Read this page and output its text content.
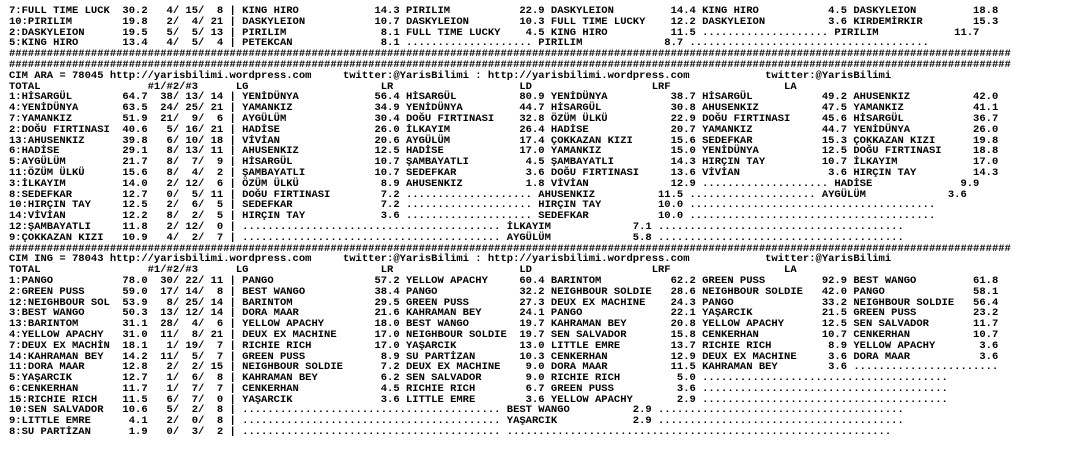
7:FULL TIME LUCK  30.2   4/ 15/  8 | KING HIRO            14.3 PIRILIM           22.9 DASKYLEION         14.4 KING HIRO           4.5 DASKYLEION         18.8
10:PIRILIM        19.8   2/  4/ 21 | DASKYLEION           10.7 DASKYLEION        10.3 FULL TIME LUCKY    12.2 DASKYLEION          3.6 KIRDEMİRKIR        15.3
2:DASKYLEION      19.5   5/  5/ 13 | PIRILIM               8.1 FULL TIME LUCKY    4.5 KING HIRO          11.5 .................... PIRILIM            11.7
5:KING HIRO       13.4   4/  5/  4 | PETEKCAN              8.1 .................... PIRILIM             8.7 ......................................
###############################################################################################################################################################
###############################################################################################################################################################
CIM ARA = 78045 http://yarisbilimi.wordpress.com     twitter:@YarisBilimi : http://yarisbilimi.wordpress.com            twitter:@YarisBilimi
TOTAL                 #1/#2/#3      LG                     LR                    LD                   LRF                  LA
1:HİSARGÜL        64.7  38/ 13/ 14 | YENİDÜNYA            56.4 HİSARGÜL          80.9 YENİDÜNYA          38.7 HİSARGÜL           49.2 AHUSENKIZ          42.0
4:YENİDÜNYA       63.5  24/ 25/ 21 | YAMANKIZ             34.9 YENİDÜNYA         44.7 HİSARGÜL           30.8 AHUSENKIZ          47.5 YAMANKIZ           41.1
7:YAMANKIZ        51.9  21/  9/  6 | AYGÜLÜM              30.4 DOĞU FIRTINASI    32.8 ÖZÜM ÜLKÜ          22.9 DOĞU FIRTINASI     45.6 HİSARGÜL           36.7
2:DOĞU FIRTINASI  40.6   5/ 16/ 21 | HADİSE               26.0 İLKAYIM           26.4 HADİSE             20.7 YAMANKIZ           44.7 YENİDÜNYA          26.0
13:AHUSENKIZ      39.8   6/ 10/ 18 | VİVİAN               20.6 AYGÜLÜM           17.4 ÇOKKAZAN KIZI      15.6 SEDEFKAR           15.3 ÇOKKAZAN KIZI      19.8
6:HADİSE          29.1   8/ 13/ 11 | AHUSENKIZ            12.5 HADİSE            17.0 YAMANKIZ           15.0 YENİDÜNYA          12.5 DOĞU FIRTINASI     18.8
5:AYGÜLÜM         21.7   8/  7/  9 | HİSARGÜL             10.7 ŞAMBAYATLI         4.5 ŞAMBAYATLI         14.3 HIRÇIN TAY         10.7 İLKAYIM            17.0
11:ÖZÜM ÜLKÜ      15.6   8/  4/  2 | ŞAMBAYATLI           10.7 SEDEFKAR           3.6 DOĞU FIRTINASI     13.6 VİVİAN              3.6 HIRÇIN TAY         14.3
3:İLKAYIM         14.0   2/ 12/  6 | ÖZÜM ÜLKÜ             8.9 AHUSENKIZ          1.8 VİVİAN             12.9 .................... HADİSE              9.9
8:SEDEFKAR        12.7   0/  5/ 11 | DOĞU FIRTINASI        7.2 .................... AHUSENKIZ          11.5 .................... AYGÜLÜM             3.6
10:HIRÇIN TAY     12.5   2/  6/  5 | SEDEFKAR              7.2 .................... HIRÇIN TAY         10.0 .......................................
14:VİVİAN         12.2   8/  2/  5 | HIRÇIN TAY            3.6 .................... SEDEFKAR           10.0 .......................................
12:ŞAMBAYATLI     11.8   2/ 12/  0 | ......................................... İLKAYIM             7.1 .......................................
9:ÇOKKAZAN KIZI   10.9   4/  2/  7 | ......................................... AYGÜLÜM             5.8 .......................................
###############################################################################################################################################################
CIM ING = 78043 http://yarisbilimi.wordpress.com     twitter:@YarisBilimi : http://yarisbilimi.wordpress.com            twitter:@YarisBilimi
TOTAL                 #1/#2/#3      LG                     LR                    LD                   LRF                  LA
1:PANGO           78.0  30/ 22/ 11 | PANGO                57.2 YELLOW APACHY     60.4 BARINTOM           62.2 GREEN PUSS         92.9 BEST WANGO         61.8
2:GREEN PUSS      59.0  17/ 14/  8 | BEST WANGO           38.4 PANGO             32.2 NEIGHBOUR SOLDIE   28.6 NEIGHBOUR SOLDIE   42.0 PANGO              58.1
12:NEIGHBOUR SOL  53.9   8/ 25/ 14 | BARINTOM             29.5 GREEN PUSS        27.3 DEUX EX MACHINE    24.3 PANGO              33.2 NEIGHBOUR SOLDIE   56.4
3:BEST WANGO      50.3  13/ 12/ 14 | DORA MAAR            21.6 KAHRAMAN BEY      24.1 PANGO              22.1 YAŞARCIK           21.5 GREEN PUSS         23.2
13:BARINTOM       31.1  28/  4/  6 | YELLOW APACHY        18.0 BEST WANGO        19.7 KAHRAMAN BEY       20.8 YELLOW APACHY      12.5 SEN SALVADOR       11.7
4:YELLOW APACHY   31.0  11/  8/ 21 | DEUX EX MACHINE      17.0 NEIGHBOUR SOLDIE  19.7 SEN SALVADOR       15.8 CENKERHAN          10.7 CENKERHAN          10.7
7:DEUX EX MACHİN  18.1   1/ 19/  7 | RICHIE RICH          17.0 YAŞARCIK          13.0 LITTLE EMRE        13.7 RICHIE RICH         8.9 YELLOW APACHY       3.6
14:KAHRAMAN BEY   14.2  11/  5/  7 | GREEN PUSS            8.9 SU PARTİZAN       10.3 CENKERHAN          12.9 DEUX EX MACHINE     3.6 DORA MAAR           3.6
11:DORA MAAR      12.8   2/  2/ 15 | NEIGHBOUR SOLDIE      7.2 DEUX EX MACHINE    9.0 DORA MAAR          11.5 KAHRAMAN BEY        3.6 .......................
5:YAŞARCIK        12.7   1/  6/  8 | KAHRAMAN BEY          6.2 SEN SALVADOR       9.0 RICHIE RICH         5.0 .......................................
6:CENKERHAN       11.7   1/  7/  7 | CENKERHAN             4.5 RICHIE RICH        6.7 GREEN PUSS          3.6 .......................................
15:RICHIE RICH    11.5   6/  7/  0 | YAŞARCIK              3.6 LITTLE EMRE        3.6 YELLOW APACHY       2.9 .......................................
10:SEN SALVADOR   10.6   5/  2/  8 | ......................................... BEST WANGO          2.9 .......................................
9:LITTLE EMRE      4.1   2/  0/  8 | ......................................... YAŞARCIK            2.9 .......................................
8:SU PARTİZAN      1.9   0/  3/  2 | ......................................... .............................................................
